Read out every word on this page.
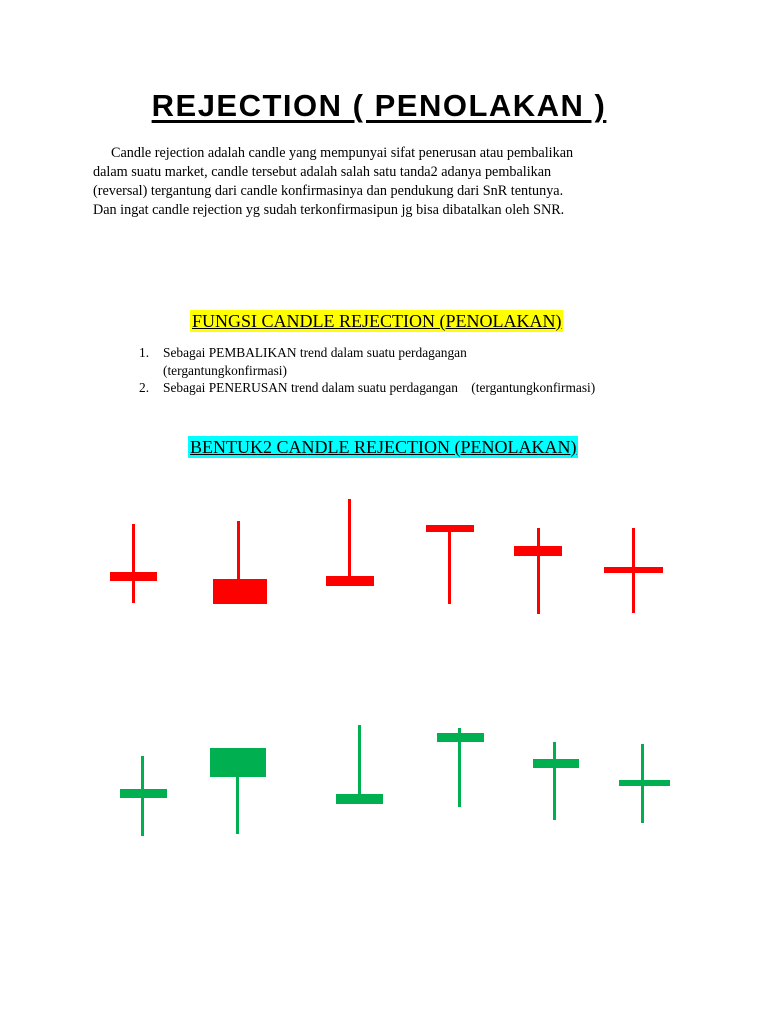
REJECTION ( PENOLAKAN )
Candle rejection adalah candle yang mempunyai sifat penerusan atau pembalikan
dalam suatu market, candle tersebut adalah salah satu tanda2 adanya pembalikan
(reversal) tergantung dari candle konfirmasinya dan pendukung dari SnR tentunya.
Dan ingat candle rejection yg sudah terkonfirmasipun jg bisa dibatalkan oleh SNR.
FUNGSI CANDLE REJECTION (PENOLAKAN)
1.	Sebagai PEMBALIKAN trend dalam suatu perdagangan
(tergantungkonfirmasi)
2.	Sebagai PENERUSAN trend dalam suatu perdagangan    (tergantungkonfirmasi)
BENTUK2 CANDLE REJECTION (PENOLAKAN)
